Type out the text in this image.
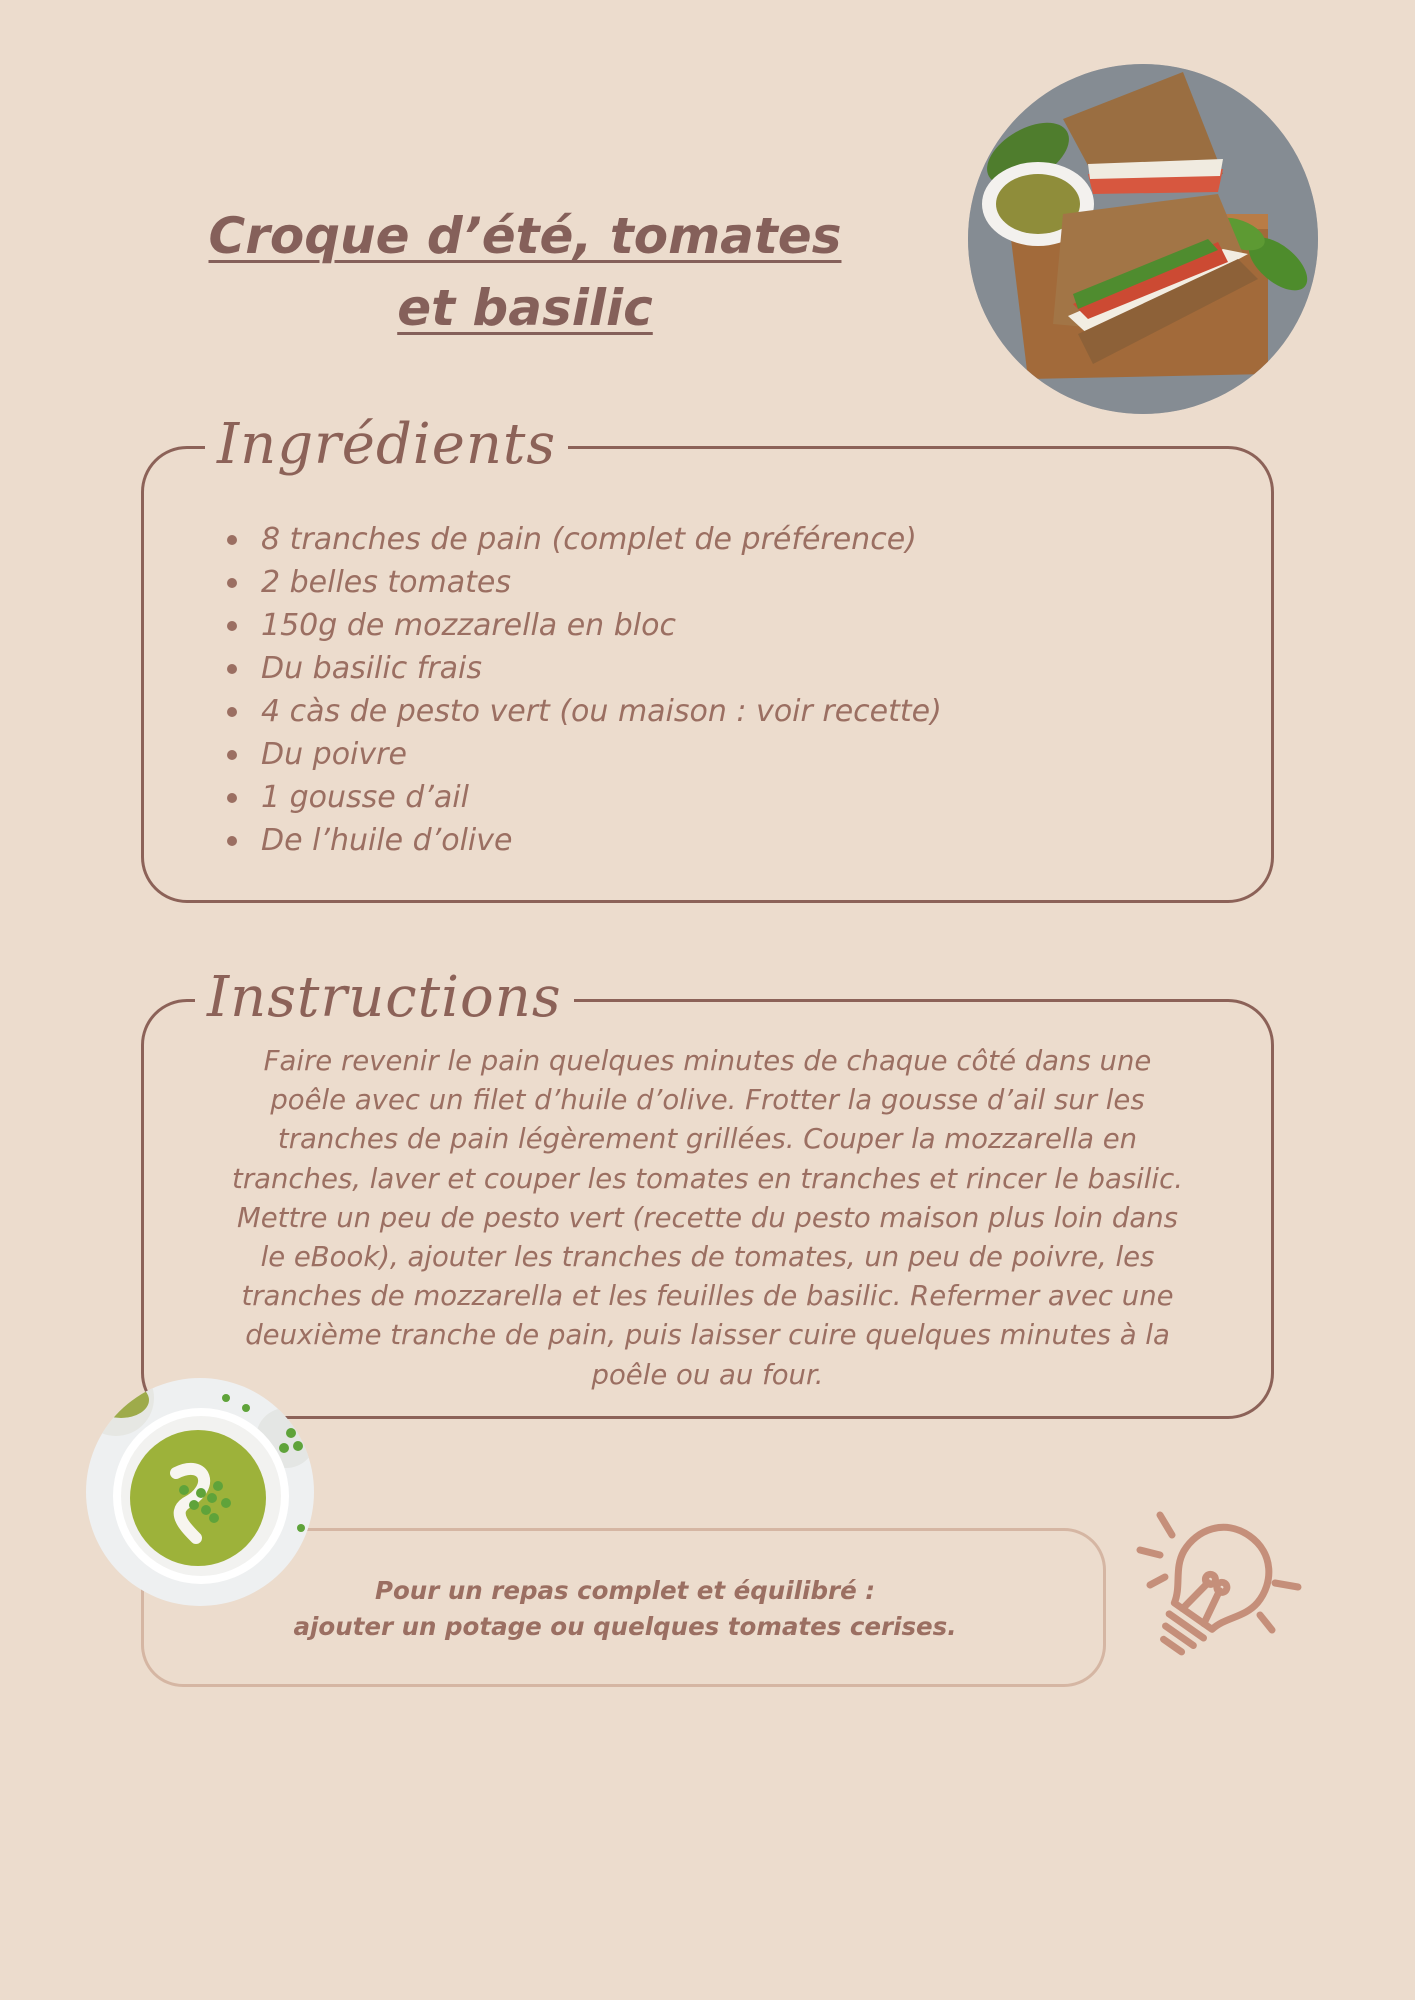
Croque d’été, tomates
et basilic
Ingrédients
8 tranches de pain (complet de préférence)
2 belles tomates
150g de mozzarella en bloc
Du basilic frais
4 càs de pesto vert (ou maison : voir recette)
Du poivre
1 gousse d’ail
De l’huile d’olive
Instructions
Faire revenir le pain quelques minutes de chaque côté dans une
poêle avec un filet d’huile d’olive. Frotter la gousse d’ail sur les
tranches de pain légèrement grillées. Couper la mozzarella en
tranches, laver et couper les tomates en tranches et rincer le basilic.
Mettre un peu de pesto vert (recette du pesto maison plus loin dans
le eBook), ajouter les tranches de tomates, un peu de poivre, les
tranches de mozzarella et les feuilles de basilic. Refermer avec une
deuxième tranche de pain, puis laisser cuire quelques minutes à la
poêle ou au four.
Pour un repas complet et équilibré :
ajouter un potage ou quelques tomates cerises.
